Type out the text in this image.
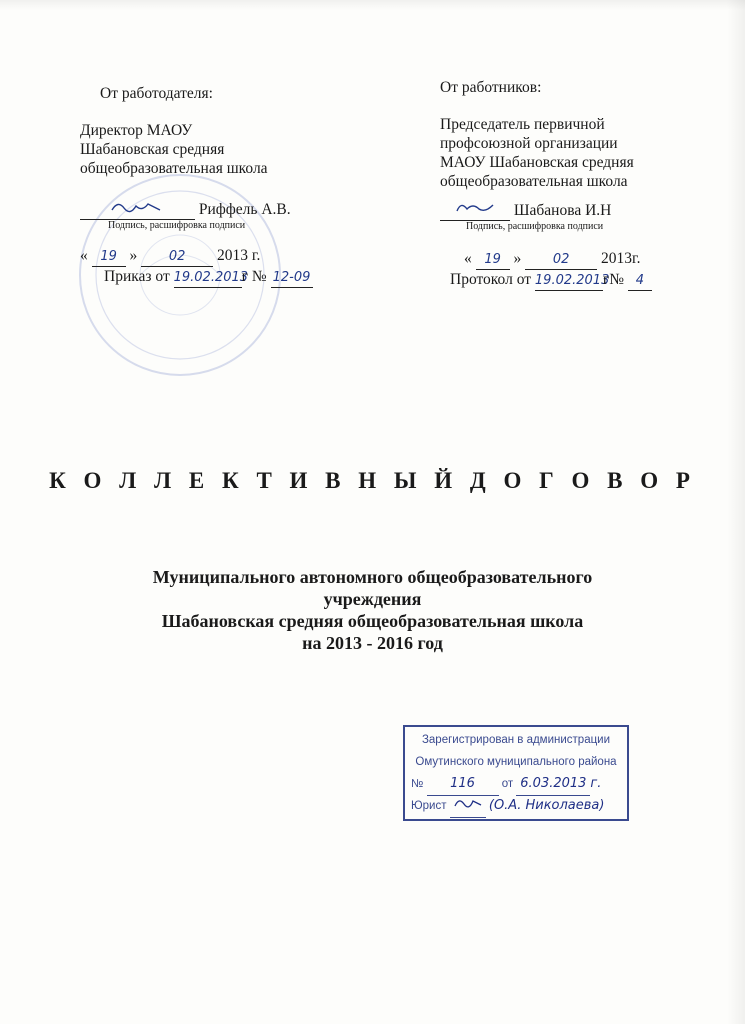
От работодателя:
Директор МАОУ
Шабановская средняя
общеобразовательная школа
Риффель А.В.
Подпись, расшифровка подписи
« 19 » 02 2013 г.
Приказ от 19.02.2013г № 12-09
От работников:
Председатель первичной
профсоюзной организации
МАОУ Шабановская средняя
общеобразовательная школа
Шабанова И.Н
Подпись, расшифровка подписи
« 19 » 02 2013г.
Протокол от 19.02.2013г№ 4
К О Л Л Е К Т И В Н Ы Й Д О Г О В О Р
Муниципального автономного общеобразовательного
учреждения
Шабановская средняя общеобразовательная школа
на 2013 - 2016 год
Зарегистрирован в администрации
Омутинского муниципального района
№ 116 от 6.03.2013 г.
Юрист	(О.А. Николаева)
